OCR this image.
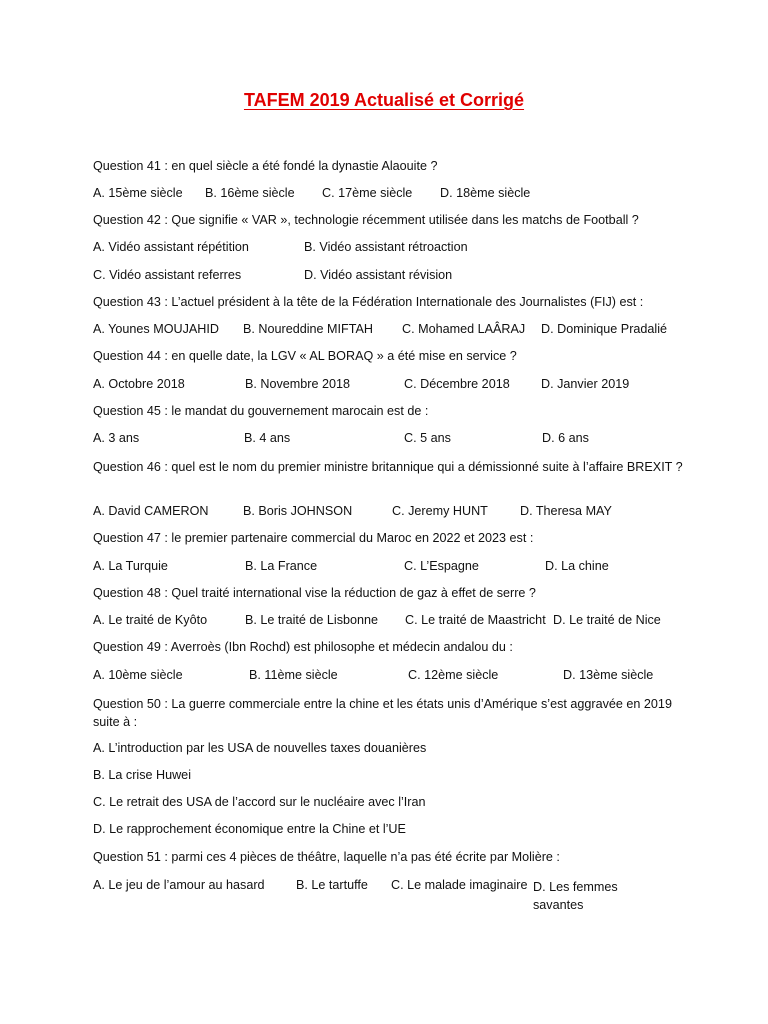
TAFEM 2019 Actualisé et Corrigé
Question 41 : en quel siècle a été fondé la dynastie Alaouite ?
A. 15ème siècle B. 16ème siècle C. 17ème siècle D. 18ème siècle
Question 42 : Que signifie « VAR », technologie récemment utilisée dans les matchs de Football ?
A. Vidéo assistant répétition	B. Vidéo assistant rétroaction
C. Vidéo assistant referres	D. Vidéo assistant révision
Question 43 : L’actuel président à la tête de la Fédération Internationale des Journalistes (FIJ) est :
A. Younes MOUJAHID B. Noureddine MIFTAH C. Mohamed LAÂRAJ D. Dominique Pradalié
Question 44 : en quelle date, la LGV « AL BORAQ » a été mise en service ?
A. Octobre 2018	B. Novembre 2018	C. Décembre 2018 D. Janvier 2019
Question 45 : le mandat du gouvernement marocain est de :
A. 3 ans	B. 4 ans	C. 5 ans	D. 6 ans
Question 46 : quel est le nom du premier ministre britannique qui a démissionné suite à l’affaire BREXIT ?
A. David CAMERON	B. Boris JOHNSON	C. Jeremy HUNT	D. Theresa MAY
Question 47 : le premier partenaire commercial du Maroc en 2022 et 2023 est :
A. La Turquie	B. La France	C. L’Espagne	D. La chine
Question 48 : Quel traité international vise la réduction de gaz à effet de serre ?
A. Le traité de Kyôto	B. Le traité de Lisbonne C. Le traité de Maastricht D. Le traité de Nice
Question 49 : Averroès (Ibn Rochd) est philosophe et médecin andalou du :
A. 10ème siècle	B. 11ème siècle	C. 12ème siècle	D. 13ème siècle
Question 50 : La guerre commerciale entre la chine et les états unis d’Amérique s’est aggravée en 2019 suite à :
A. L’introduction par les USA de nouvelles taxes douanières
B. La crise Huwei
C. Le retrait des USA de l’accord sur le nucléaire avec l’Iran
D. Le rapprochement économique entre la Chine et l’UE
Question 51 : parmi ces 4 pièces de théâtre, laquelle n’a pas été écrite par Molière :
A. Le jeu de l’amour au hasard B. Le tartuffe C. Le malade imaginaire D. Les femmes savantes
